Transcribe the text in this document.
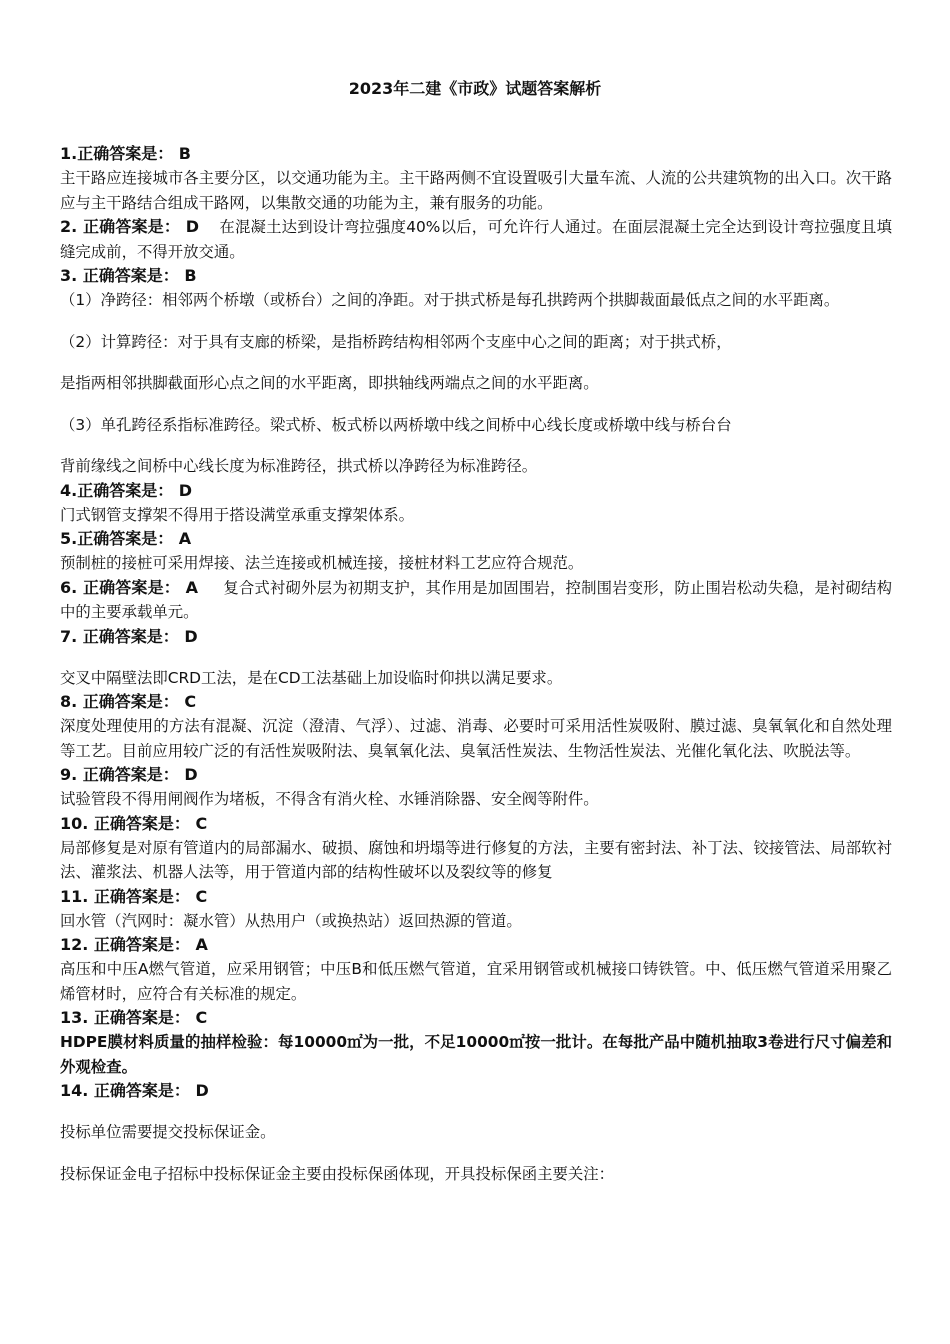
2023年二建《市政》试题答案解析
1.正确答案是： B

主干路应连接城市各主要分区，以交通功能为主。主干路两侧不宜设置吸引大量车流、人流的公共建筑物的出入口。次干路应与主干路结合组成干路网，以集散交通的功能为主，兼有服务的功能。

2. 正确答案是： D 在混凝土达到设计弯拉强度40%以后，可允许行人通过。在面层混凝土完全达到设计弯拉强度且填缝完成前，不得开放交通。

3. 正确答案是： B

（1）净跨径：相邻两个桥墩（或桥台）之间的净距。对于拱式桥是每孔拱跨两个拱脚裁面最低点之间的水平距离。

（2）计算跨径：对于具有支廊的桥梁，是指桥跨结构相邻两个支座中心之间的距离；对于拱式桥，

是指两相邻拱脚截面形心点之间的水平距离，即拱轴线两端点之间的水平距离。

（3）单孔跨径系指标准跨径。梁式桥、板式桥以两桥墩中线之间桥中心线长度或桥墩中线与桥台台

背前缘线之间桥中心线长度为标准跨径，拱式桥以净跨径为标准跨径。

4.正确答案是： D

门式钢管支撑架不得用于搭设满堂承重支撑架体系。

5.正确答案是： A

预制桩的接桩可采用焊接、法兰连接或机械连接，接桩材料工艺应符合规范。

6. 正确答案是： A 复合式衬砌外层为初期支护，其作用是加固围岩，控制围岩变形，防止围岩松动失稳，是衬砌结构中的主要承载单元。

7. 正确答案是： D

交叉中隔壁法即CRD工法，是在CD工法基础上加设临时仰拱以满足要求。

8. 正确答案是： C

深度处理使用的方法有混凝、沉淀（澄清、气浮）、过滤、消毒、必要时可采用活性炭吸附、膜过滤、臭氧氧化和自然处理等工艺。目前应用较广泛的有活性炭吸附法、臭氧氧化法、臭氧活性炭法、生物活性炭法、光催化氧化法、吹脱法等。

9. 正确答案是： D

试验管段不得用闸阀作为堵板，不得含有消火栓、水锤消除器、安全阀等附件。

10. 正确答案是： C

局部修复是对原有管道内的局部漏水、破损、腐蚀和坍塌等进行修复的方法，主要有密封法、补丁法、铰接管法、局部软衬法、灌浆法、机器人法等，用于管道内部的结构性破坏以及裂纹等的修复

11. 正确答案是： C

回水管（汽网时：凝水管）从热用户（或换热站）返回热源的管道。

12. 正确答案是： A

高压和中压A燃气管道，应采用钢管；中压B和低压燃气管道，宜采用钢管或机械接口铸铁管。中、低压燃气管道采用聚乙烯管材时，应符合有关标准的规定。

13. 正确答案是： C

HDPE膜材料质量的抽样检验：每10000㎡为一批，不足10000㎡按一批计。在每批产品中随机抽取3卷进行尺寸偏差和外观检查。

14. 正确答案是： D

投标单位需要提交投标保证金。

投标保证金电子招标中投标保证金主要由投标保函体现，开具投标保函主要关注：
